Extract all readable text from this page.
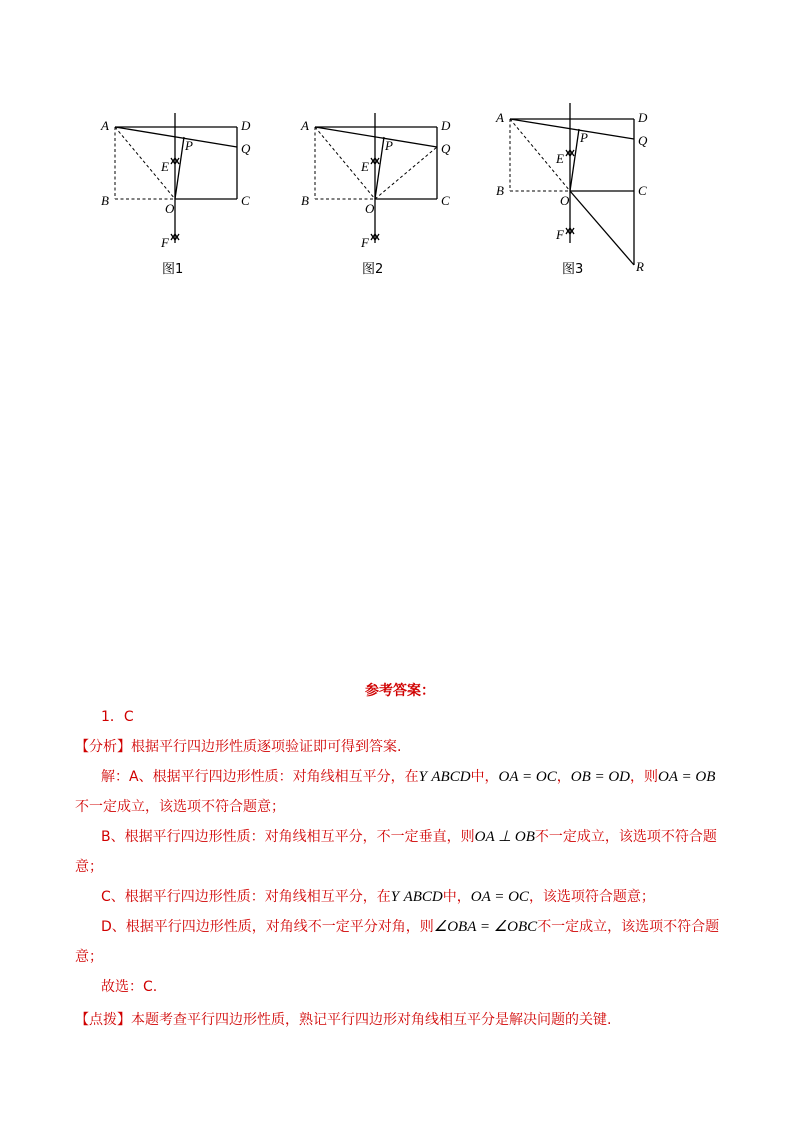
A	D
P	Q
E
B
O
C
F
图1
A	D
P	Q
E
B
O
C
F
图2
A	D
P	Q
E
B
O
C
F
R
图3
参考答案：
1．C
【分析】根据平行四边形性质逐项验证即可得到答案.
解：A、根据平行四边形性质：对角线相互平分，在Y ABCD中，OA = OC，OB = OD，则OA = OB
不一定成立，该选项不符合题意；
B、根据平行四边形性质：对角线相互平分，不一定垂直，则OA ⊥ OB不一定成立，该选项不符合题
意；
C、根据平行四边形性质：对角线相互平分，在Y ABCD中，OA = OC，该选项符合题意；
D、根据平行四边形性质，对角线不一定平分对角，则∠OBA = ∠OBC不一定成立，该选项不符合题
意；
故选：C.
【点拨】本题考查平行四边形性质，熟记平行四边形对角线相互平分是解决问题的关键.
